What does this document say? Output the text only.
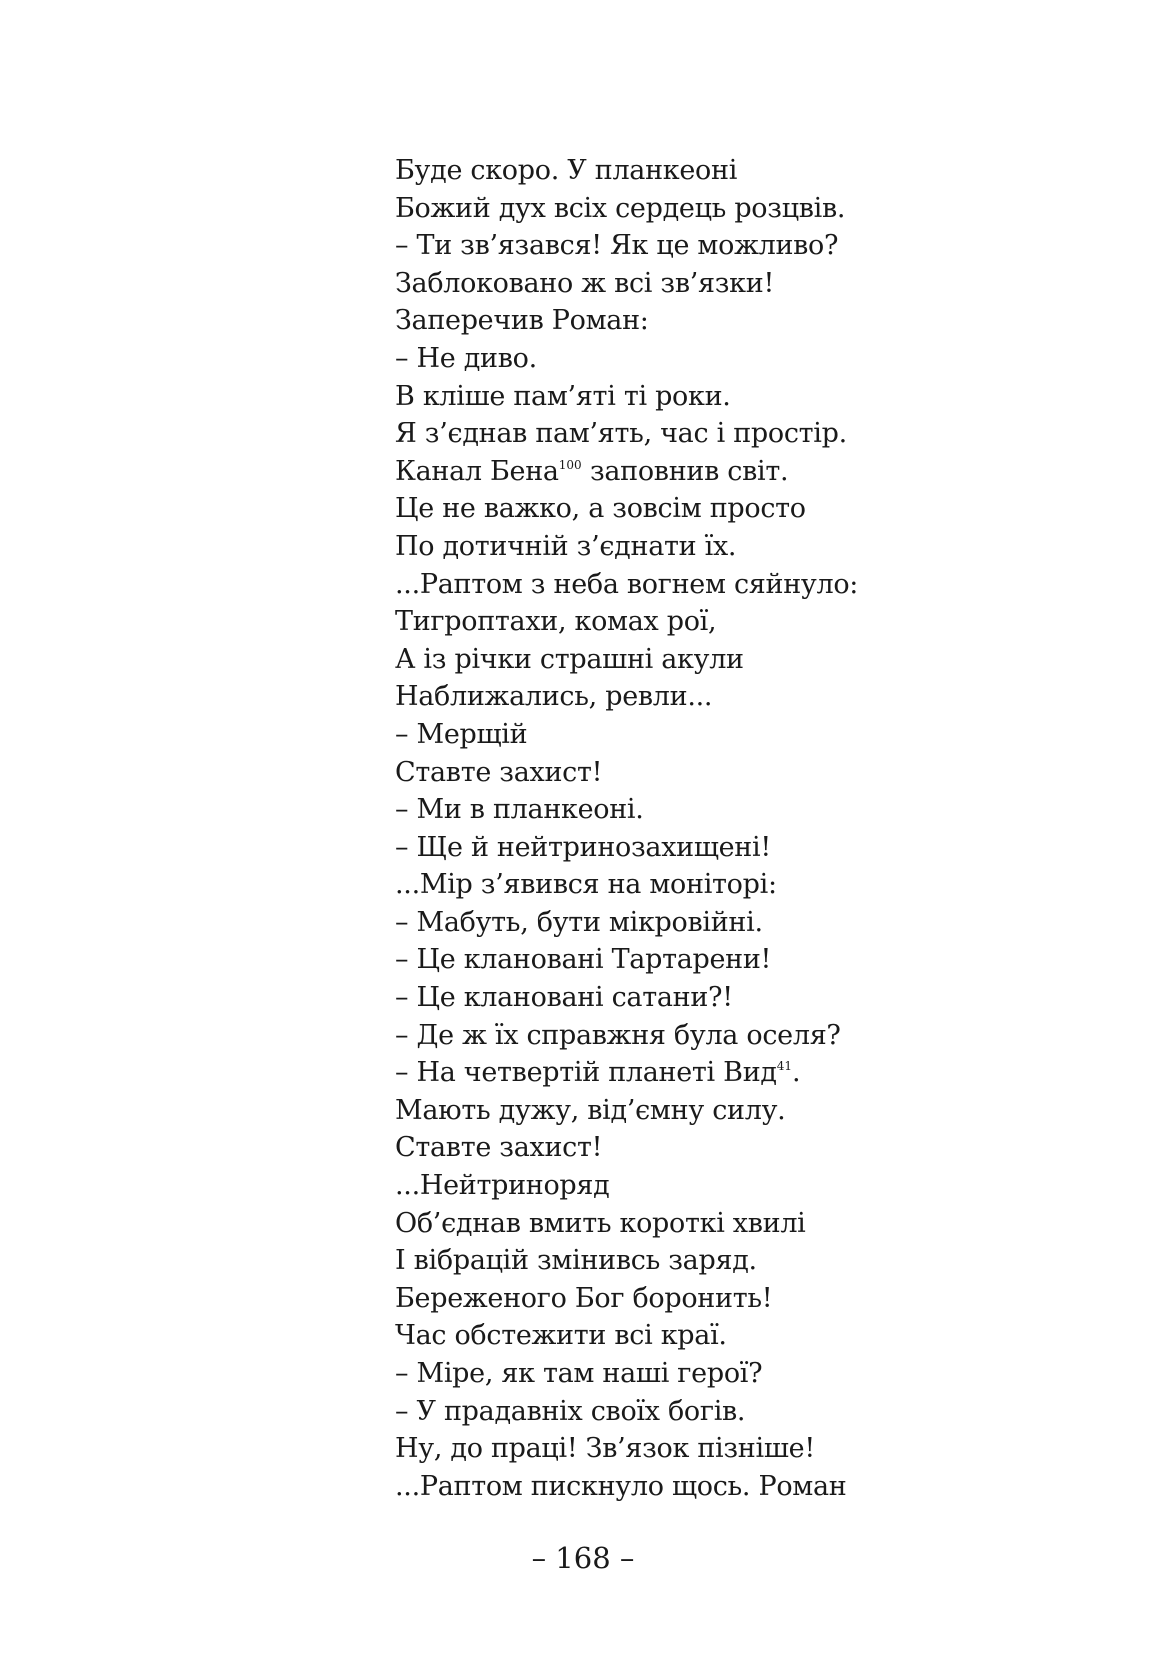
Буде скоро. У планкеоні
Божий дух всіх сердець розцвів.
– Ти зв’язався! Як це можливо?
Заблоковано ж всі зв’язки!
Заперечив Роман:
– Не диво.
В кліше пам’яті ті роки.
Я з’єднав пам’ять, час і простір.
Канал Бена$^{100}$ заповнив світ.
Це не важко, а зовсім просто
По дотичній з’єднати їх.
...Раптом з неба вогнем сяйнуло:
Тигроптахи, комах рої,
А із річки страшні акули
Наближались, ревли...
– Мерщій
Ставте захист!
– Ми в планкеоні.
– Ще й нейтринозахищені!
...Мір з’явився на моніторі:
– Мабуть, бути мікровійні.
– Це клановані Тартарени!
– Це клановані сатани?!
– Де ж їх справжня була оселя?
– На четвертій планеті Вид$^{41}$.
Мають дужу, від’ємну силу.
Ставте захист!
...Нейтриноряд
Об’єднав вмить короткі хвилі
І вібрацій змінивсь заряд.
Береженого Бог боронить!
Час обстежити всі краї.
– Міре, як там наші герої?
– У прадавніх своїх богів.
Ну, до праці! Зв’язок пізніше!
...Раптом пискнуло щось. Роман
– 168 –
